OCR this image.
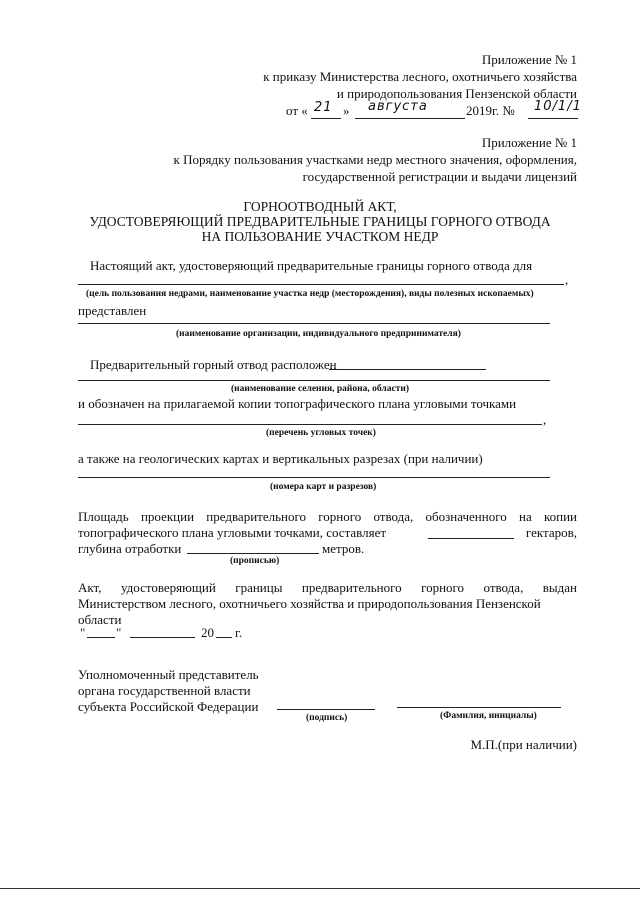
Приложение № 1
к приказу Министерства лесного, охотничьего хозяйства
и природопользования Пензенской области
от « 21 » августа	2019г. № 10/1/1
Приложение № 1
к Порядку пользования участками недр местного значения, оформления,
государственной регистрации и выдачи лицензий
ГОРНООТВОДНЫЙ АКТ,
УДОСТОВЕРЯЮЩИЙ ПРЕДВАРИТЕЛЬНЫЕ ГРАНИЦЫ ГОРНОГО ОТВОДА
НА ПОЛЬЗОВАНИЕ УЧАСТКОМ НЕДР
Настоящий акт, удостоверяющий предварительные границы горного отвода для
,
(цель пользования недрами, наименование участка недр (месторождения), виды полезных ископаемых)
представлен
(наименование организации, индивидуального предпринимателя)
Предварительный горный отвод расположен
(наименование селения, района, области)
и обозначен на прилагаемой копии топографического плана угловыми точками
,
(перечень угловых точек)
а также на геологических картах и вертикальных разрезах (при наличии)
(номера карт и разрезов)
Площадь проекции предварительного горного отвода, обозначенного на копии
топографического плана угловыми точками, составляет	гектаров,
глубина отработки	метров.
(прописью)
Акт, удостоверяющий границы предварительного горного отвода, выдан
Министерством лесного, охотничьего хозяйства и природопользования Пензенской
области
" "	20 г.
Уполномоченный представитель
органа государственной власти
субъекта Российской Федерации
(подпись)	(Фамилия, инициалы)
М.П.(при наличии)
